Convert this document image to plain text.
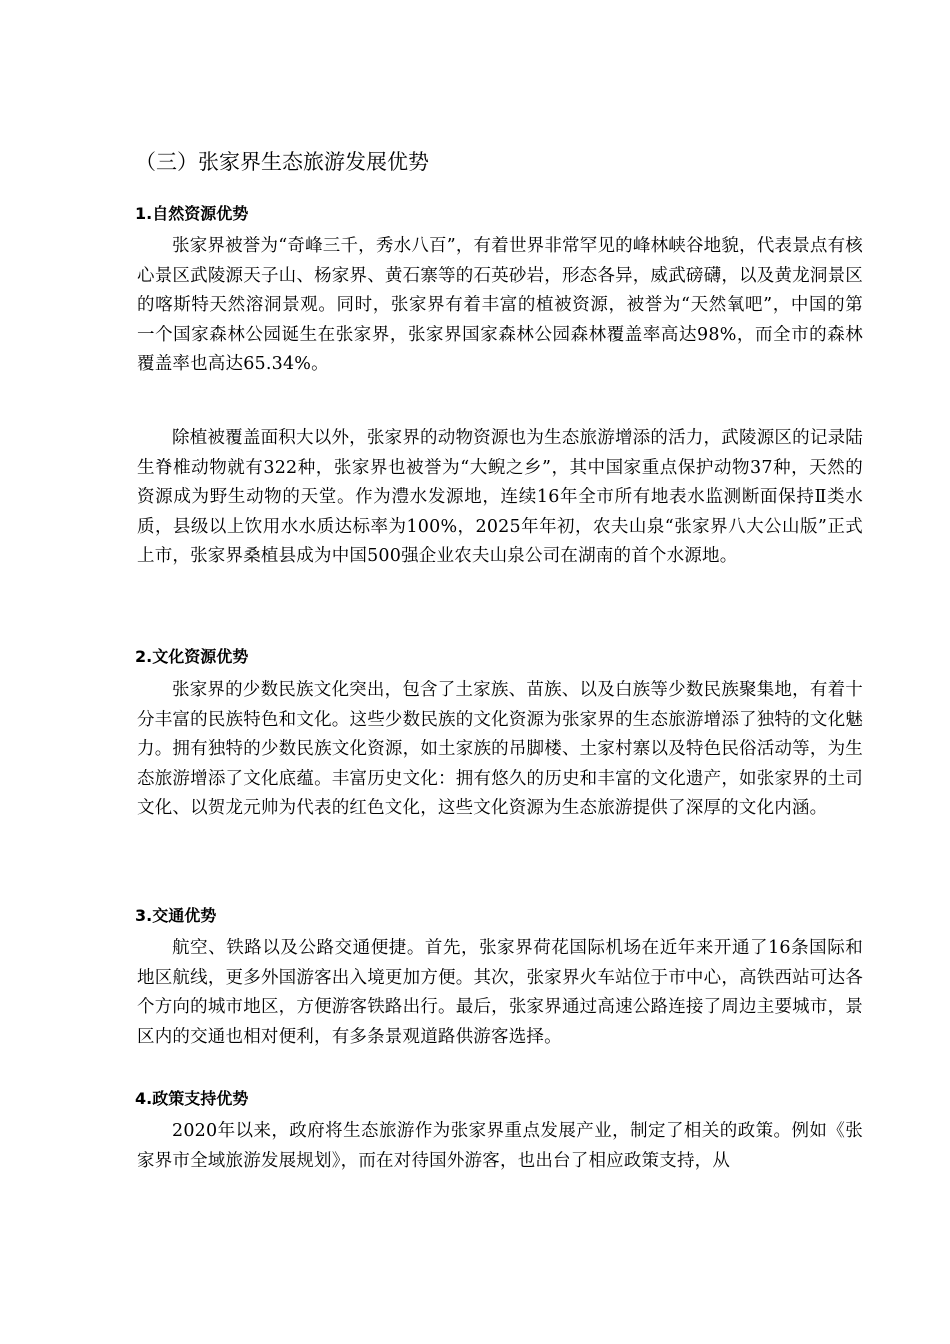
（三）张家界生态旅游发展优势
1.自然资源优势

张家界被誉为“奇峰三千，秀水八百”，有着世界非常罕见的峰林峡谷地貌，代表景点有核心景区武陵源天子山、杨家界、黄石寨等的石英砂岩，形态各异，威武磅礴，以及黄龙洞景区的喀斯特天然溶洞景观。同时，张家界有着丰富的植被资源，被誉为“天然氧吧”，中国的第一个国家森林公园诞生在张家界，张家界国家森林公园森林覆盖率高达98%，而全市的森林覆盖率也高达65.34%。

除植被覆盖面积大以外，张家界的动物资源也为生态旅游增添的活力，武陵源区的记录陆生脊椎动物就有322种，张家界也被誉为“大鲵之乡”，其中国家重点保护动物37种，天然的资源成为野生动物的天堂。作为澧水发源地，连续16年全市所有地表水监测断面保持Ⅱ类水质，县级以上饮用水水质达标率为100%，2025年年初，农夫山泉“张家界八大公山版”正式上市，张家界桑植县成为中国500强企业农夫山泉公司在湖南的首个水源地。

2.文化资源优势

张家界的少数民族文化突出，包含了土家族、苗族、以及白族等少数民族聚集地，有着十分丰富的民族特色和文化。这些少数民族的文化资源为张家界的生态旅游增添了独特的文化魅力。拥有独特的少数民族文化资源，如土家族的吊脚楼、土家村寨以及特色民俗活动等，为生态旅游增添了文化底蕴。丰富历史文化：拥有悠久的历史和丰富的文化遗产，如张家界的土司文化、以贺龙元帅为代表的红色文化，这些文化资源为生态旅游提供了深厚的文化内涵。

3.交通优势

航空、铁路以及公路交通便捷。首先，张家界荷花国际机场在近年来开通了16条国际和地区航线，更多外国游客出入境更加方便。其次，张家界火车站位于市中心，高铁西站可达各个方向的城市地区，方便游客铁路出行。最后，张家界通过高速公路连接了周边主要城市，景区内的交通也相对便利，有多条景观道路供游客选择。

4.政策支持优势

2020年以来，政府将生态旅游作为张家界重点发展产业，制定了相关的政策。例如《张家界市全域旅游发展规划》，而在对待国外游客，也出台了相应政策支持，从
